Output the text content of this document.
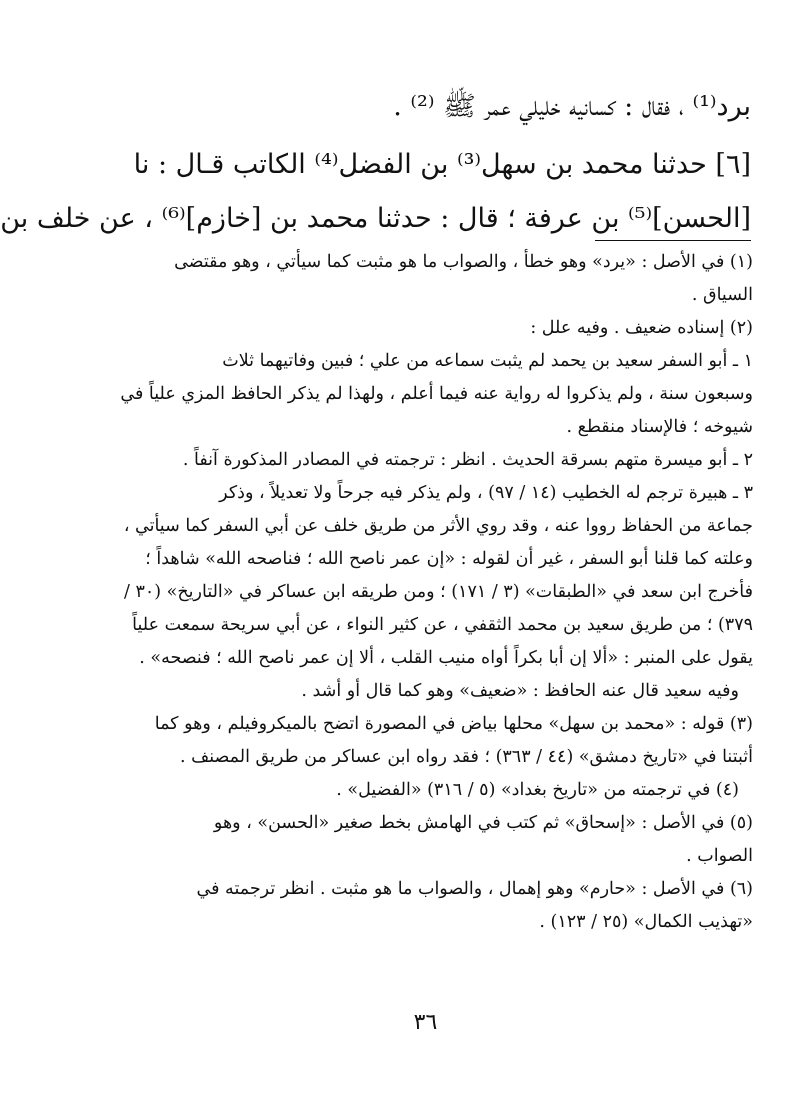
برد⁽¹⁾ ، فقال : كسانيه خليلي عمر ﷺ ⁽²⁾ .
[٦] حدثنا محمد بن سهل⁽³⁾ بن الفضل⁽⁴⁾ الكاتب قـال : نا
[الحسن]⁽⁵⁾ بن عرفة ؛ قال : حدثنا محمد بن [خازم]⁽⁶⁾ ، عن خلف بن
(١) في الأصل : «يرد» وهو خطأ ، والصواب ما هو مثبت كما سيأتي ، وهو مقتضى
السياق .
(٢) إسناده ضعيف . وفيه علل :
١ ـ أبو السفر سعيد بن يحمد لم يثبت سماعه من علي ؛ فبين وفاتيهما ثلاث
وسبعون سنة ، ولم يذكروا له رواية عنه فيما أعلم ، ولهذا لم يذكر الحافظ المزي علياً في
شيوخه ؛ فالإسناد منقطع .
٢ ـ أبو ميسرة متهم بسرقة الحديث . انظر : ترجمته في المصادر المذكورة آنفاً .
٣ ـ هبيرة ترجم له الخطيب (١٤ / ٩٧) ، ولم يذكر فيه جرحاً ولا تعديلاً ، وذكر
جماعة من الحفاظ رووا عنه ، وقد روي الأثر من طريق خلف عن أبي السفر كما سيأتي ،
وعلته كما قلنا أبو السفر ، غير أن لقوله : «إن عمر ناصح الله ؛ فناصحه الله» شاهداً ؛
فأخرج ابن سعد في «الطبقات» (٣ / ١٧١) ؛ ومن طريقه ابن عساكر في «التاريخ» (٣٠ /
٣٧٩) ؛ من طريق سعيد بن محمد الثقفي ، عن كثير النواء ، عن أبي سريحة سمعت علياً
يقول على المنبر : «ألا إن أبا بكراً أواه منيب القلب ، ألا إن عمر ناصح الله ؛ فنصحه» .
وفيه سعيد قال عنه الحافظ : «ضعيف» وهو كما قال أو أشد .
(٣) قوله : «محمد بن سهل» محلها بياض في المصورة اتضح بالميكروفيلم ، وهو كما
أثبتنا في «تاريخ دمشق» (٤٤ / ٣٦٣) ؛ فقد رواه ابن عساكر من طريق المصنف .
(٤) في ترجمته من «تاريخ بغداد» (٥ / ٣١٦) «الفضيل» .
(٥) في الأصل : «إسحاق» ثم كتب في الهامش بخط صغير «الحسن» ، وهو
الصواب .
(٦) في الأصل : «حارم» وهو إهمال ، والصواب ما هو مثبت . انظر ترجمته في
«تهذيب الكمال» (٢٥ / ١٢٣) .
٣٦
